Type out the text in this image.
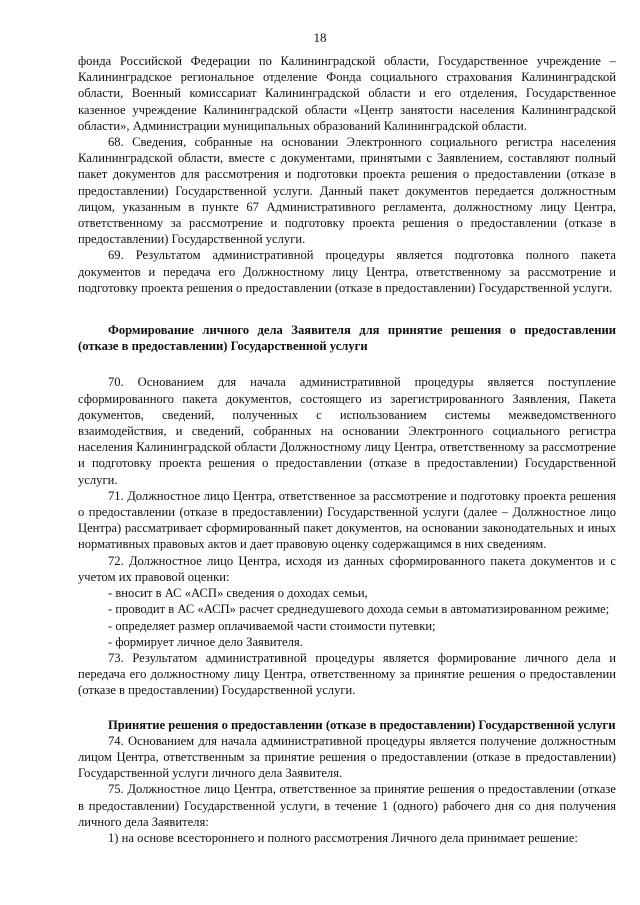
18

фонда Российской Федерации по Калининградской области, Государственное учреждение – Калининградское региональное отделение Фонда социального страхования Калининградской области, Военный комиссариат Калининградской области и его отделения, Государственное казенное учреждение Калининградской области «Центр занятости населения Калининградской области», Администрации муниципальных образований Калининградской области.

68. Сведения, собранные на основании Электронного социального регистра населения Калининградской области, вместе с документами, принятыми с Заявлением, составляют полный пакет документов для рассмотрения и подготовки проекта решения о предоставлении (отказе в предоставлении) Государственной услуги. Данный пакет документов передается должностным лицом, указанным в пункте 67 Административного регламента, должностному лицу Центра, ответственному за рассмотрение и подготовку проекта решения о предоставлении (отказе в предоставлении) Государственной услуги.

69. Результатом административной процедуры является подготовка полного пакета документов и передача его Должностному лицу Центра, ответственному за рассмотрение и подготовку проекта решения о предоставлении (отказе в предоставлении) Государственной услуги.

Формирование личного дела Заявителя для принятие решения о предоставлении (отказе в предоставлении) Государственной услуги

70. Основанием для начала административной процедуры является поступление сформированного пакета документов, состоящего из зарегистрированного Заявления, Пакета документов, сведений, полученных с использованием системы межведомственного взаимодействия, и сведений, собранных на основании Электронного социального регистра населения Калининградской области Должностному лицу Центра, ответственному за рассмотрение и подготовку проекта решения о предоставлении (отказе в предоставлении) Государственной услуги.

71. Должностное лицо Центра, ответственное за рассмотрение и подготовку проекта решения о предоставлении (отказе в предоставлении) Государственной услуги (далее – Должностное лицо Центра) рассматривает сформированный пакет документов, на основании законодательных и иных нормативных правовых актов и дает правовую оценку содержащимся в них сведениям.

72. Должностное лицо Центра, исходя из данных сформированного пакета документов и с учетом их правовой оценки:

- вносит в АС «АСП» сведения о доходах семьи,

- проводит в АС «АСП» расчет среднедушевого дохода семьи в автоматизированном режиме;

- определяет размер оплачиваемой части стоимости путевки;

- формирует личное дело Заявителя.

73. Результатом административной процедуры является формирование личного дела и передача его должностному лицу Центра, ответственному за принятие решения о предоставлении (отказе в предоставлении) Государственной услуги.

Принятие решения о предоставлении (отказе в предоставлении) Государственной услуги

74. Основанием для начала административной процедуры является получение должностным лицом Центра, ответственным за принятие решения о предоставлении (отказе в предоставлении) Государственной услуги личного дела Заявителя.

75. Должностное лицо Центра, ответственное за принятие решения о предоставлении (отказе в предоставлении) Государственной услуги, в течение 1 (одного) рабочего дня со дня получения личного дела Заявителя:

1) на основе всестороннего и полного рассмотрения Личного дела принимает решение:
